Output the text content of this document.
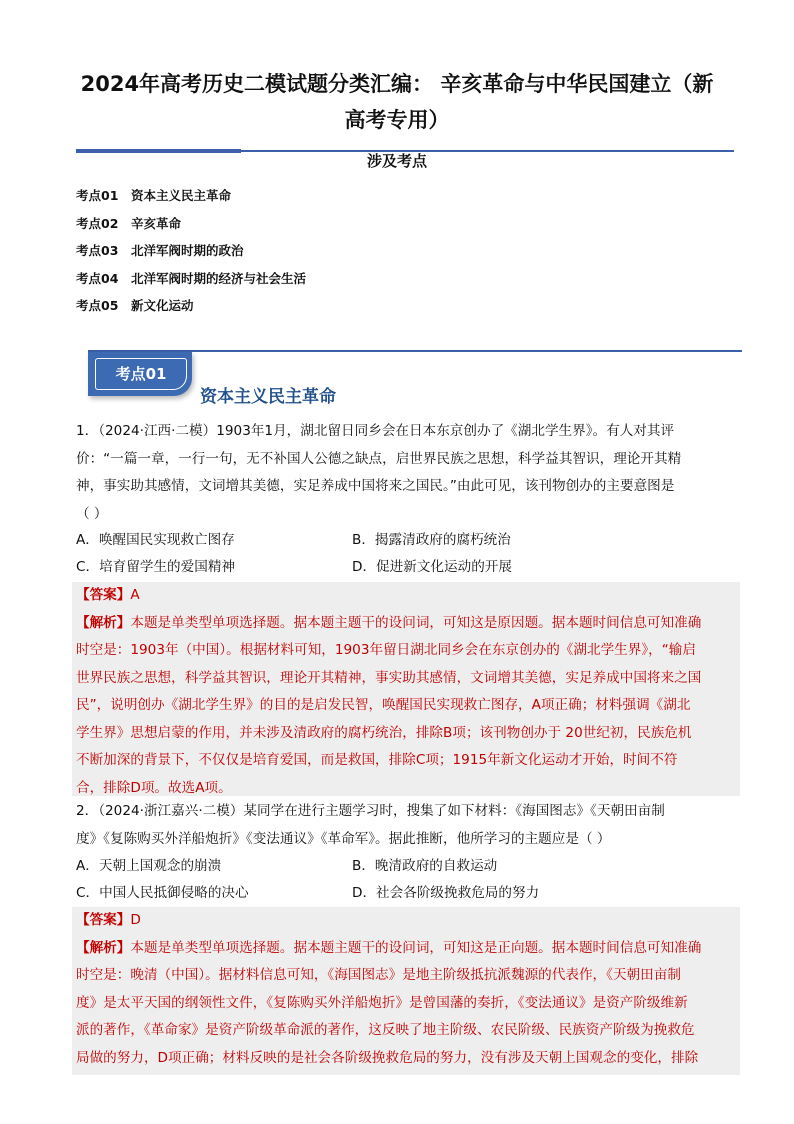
2024年高考历史二模试题分类汇编： 辛亥革命与中华民国建立（新
高考专用）
涉及考点
考点01 资本主义民主革命
考点02 辛亥革命
考点03 北洋军阀时期的政治
考点04 北洋军阀时期的经济与社会生活
考点05 新文化运动
考点01
资本主义民主革命
1．（2024·江西·二模）1903年1月，湖北留日同乡会在日本东京创办了《湖北学生界》。有人对其评
价：“一篇一章，一行一句，无不补国人公德之缺点，启世界民族之思想，科学益其智识，理论开其精
神，事实助其感情，文词增其美德，实足养成中国将来之国民。”由此可见，该刊物创办的主要意图是
（ ）
A．唤醒国民实现救亡图存	B．揭露清政府的腐朽统治
C．培育留学生的爱国精神	D．促进新文化运动的开展

【答案】A

【解析】本题是单类型单项选择题。据本题主题干的设问词，可知这是原因题。据本题时间信息可知准确
时空是：1903年（中国）。根据材料可知，1903年留日湖北同乡会在东京创办的《湖北学生界》，“输启
世界民族之思想，科学益其智识，理论开其精神，事实助其感情，文词增其美德，实足养成中国将来之国
民”，说明创办《湖北学生界》的目的是启发民智，唤醒国民实现救亡图存，A项正确；材料强调《湖北
学生界》思想启蒙的作用，并未涉及清政府的腐朽统治，排除B项；该刊物创办于 20世纪初，民族危机
不断加深的背景下，不仅仅是培育爱国，而是救国，排除C项；1915年新文化运动才开始，时间不符
合，排除D项。故选A项。

2．（2024·浙江嘉兴·二模）某同学在进行主题学习时，搜集了如下材料：《海国图志》《天朝田亩制
度》《复陈购买外洋船炮折》《变法通议》《革命军》。据此推断，他所学习的主题应是（ ）
A．天朝上国观念的崩溃	B．晚清政府的自救运动
C．中国人民抵御侵略的决心	D．社会各阶级挽救危局的努力

【答案】D

【解析】本题是单类型单项选择题。据本题主题干的设问词，可知这是正向题。据本题时间信息可知准确
时空是：晚清（中国）。据材料信息可知，《海国图志》是地主阶级抵抗派魏源的代表作，《天朝田亩制
度》是太平天国的纲领性文件，《复陈购买外洋船炮折》是曾国藩的奏折，《变法通议》是资产阶级维新
派的著作，《革命家》是资产阶级革命派的著作，这反映了地主阶级、农民阶级、民族资产阶级为挽救危
局做的努力，D项正确；材料反映的是社会各阶级挽救危局的努力，没有涉及天朝上国观念的变化，排除
